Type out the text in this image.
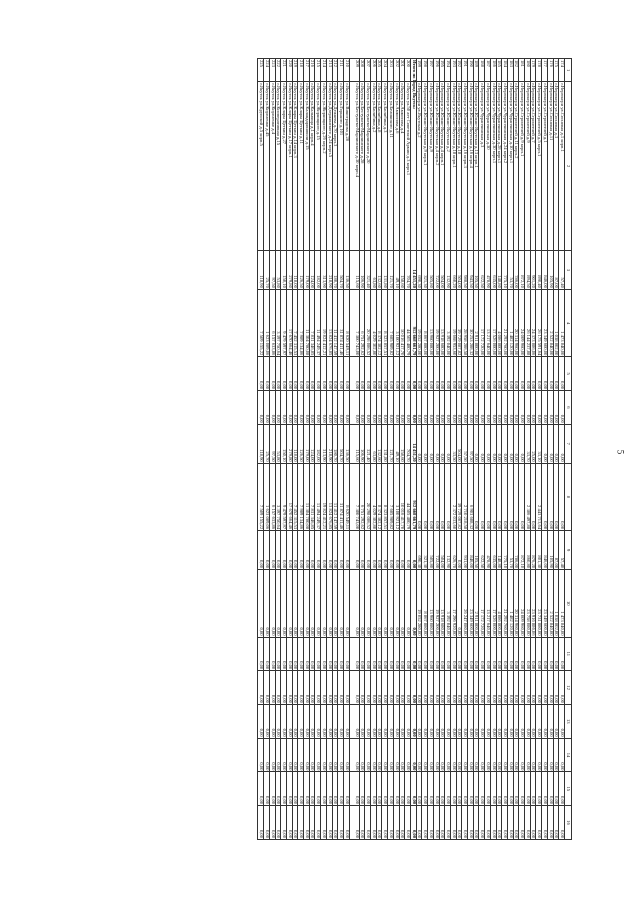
5
1	2	3	4	5	6	7	8	9	10	11	12	13	14	15	16
174	г.Нерюнгри ул.Сосновая д.1 корп.1	57,40	1 473 840,00	0,00	0,00	0,00	0,00	57,40	1 473 840,00	0,00	0,00	0,00	0,00	0,00	0,00
175	г.Нерюнгри ул.Сосновая д.3	87,00	1 038 802,00	0,00	0,00	0,00	0,00	87,00	1 038 802,00	0,00	0,00	0,00	0,00	0,00	0,00
176	г.Нерюнгри ул.Сосновая д.11	105,90	2 522 840,00	0,00	0,00	0,00	0,00	105,90	2 522 840,00	0,00	0,00	0,00	0,00	0,00	0,00
177	г.Нерюнгри ул.Строителей д.1	846,00	23 349 600,00	0,00	0,00	0,00	0,00	846,00	23 349 600,00	0,00	0,00	0,00	0,00	0,00	0,00
178	г.Нерюнгри ул.Строителей д.5 корп.1	890,40	26 175 591,64	0,00	0,00	33,10	2 443 713,64	801,30	23 731 880,00	0,00	0,00	0,00	0,00	0,00	0,00
179	г.Нерюнгри ул.Строителей д.7	901,20	24 373 886,06	0,00	0,00	25,00	0,00	876,20	23 916 886,06	0,00	0,00	0,00	0,00	0,00	0,00
180	г.Нерюнгри ул.Строителей д.9	894,50	26 144 237,88	0,00	0,00	33,70	2 386 497,88	860,80	23 758 080,00	0,00	0,00	0,00	0,00	0,00	0,00
181	г.Нерюнгри ул.Строителей д.9 корп.1	872,10	24 009 960,00	0,00	0,00	0,00	0,00	872,10	24 009 960,00	0,00	0,00	0,00	0,00	0,00	0,00
182	г.Нерюнгри ул.Строителей д.11 корп.2	786,00	20 314 960,00	0,00	0,00	0,00	0,00	786,00	20 314 960,00	0,00	0,00	0,00	0,00	0,00	0,00
183	г.Нерюнгри ул.Чурапчинская д.10 корп.1	53,70	1 482 120,00	0,00	0,00	0,00	0,00	53,70	1 482 120,00	0,00	0,00	0,00	0,00	0,00	0,00
184	г.Нерюнгри ул.Чурапчинская д.24 корп.2	775,10	21 292 760,00	0,00	0,00	0,00	0,00	775,10	21 292 760,00	0,00	0,00	0,00	0,00	0,00	0,00
185	г.Нерюнгри ул.Чурапчинская д.28 корп.1	148,80	4 086 800,00	0,00	0,00	0,00	0,00	148,80	4 086 800,00	0,00	0,00	0,00	0,00	0,00	0,00
186	г.Нерюнгри ул.Чурапчинская д.30 корп.1	635,00	17 526 000,00	0,00	0,00	0,00	0,00	635,00	17 526 000,00	0,00	0,00	0,00	0,00	0,00	0,00
187	г.Нерюнгри ул.Чурапчинская д.30	478,90	13 217 640,00	0,00	0,00	0,00	0,00	478,90	13 217 640,00	0,00	0,00	0,00	0,00	0,00	0,00
188	г.Нерюнгри ул.Чурапчинская д.3	622,50	17 172 720,00	0,00	0,00	0,00	0,00	622,50	17 172 720,00	0,00	0,00	0,00	0,00	0,00	0,00
189	г.Нерюнгри ул.Южно-Якутская д.13 корп.1	105,50	2 911 800,00	0,00	0,00	0,00	0,00	105,50	2 911 800,00	0,00	0,00	0,00	0,00	0,00	0,00
190	г.Нерюнгри ул.Южно-Якутская д.16 корп.4	943,50	30 253 288,32	0,00	0,00	97,50	6 903 688,32	846,00	23 349 600,00	0,00	0,00	0,00	0,00	0,00	0,00
191	г.Нерюнгри ул.Южно-Якутская д.16 корп.3	988,50	28 958 288,58	0,00	0,00	57,50	2 710 218,58	931,00	26 247 080,00	0,00	0,00	0,00	0,00	0,00	0,00
192	г.Нерюнгри ул.Южно-Якутская д.18	504,00	39 729 087,82	0,00	0,00	504,00	39 729 087,82	0,00	0,00	0,00	0,00	0,00	0,00	0,00	0,00
193	г.Нерюнгри ул.Южно-Якутская д.18 корп.1	660,20	19 668 953,60	0,00	0,00	33,50	2 372 033,60	626,70	17 296 920,00	0,00	0,00	0,00	0,00	0,00	0,00
194	г.Нерюнгри ул.Южно-Якутская д.2	132,90	3 392 040,00	0,00	0,00	0,00	0,00	132,90	3 392 040,00	0,00	0,00	0,00	0,00	0,00	0,00
195	г.Нерюнгри ул.Южно-Якутская д.4 корп.1	504,00	13 918 680,00	0,00	0,00	0,00	0,00	504,00	13 918 680,00	0,00	0,00	0,00	0,00	0,00	0,00
196	г.Нерюнгри ул.Южно-Якутская д.4 корп.2	722,00	19 927 200,00	0,00	0,00	0,00	0,00	722,00	19 927 200,00	0,00	0,00	0,00	0,00	0,00	0,00
197	г.Нерюнгри ул.Южно-Якутская д.9	505,80	13 960 080,00	0,00	0,00	0,00	0,00	505,80	13 960 080,00	0,00	0,00	0,00	0,00	0,00	0,00
198	г.Нерюнгри ул.Южно-Якутская д.9 корп.1	321,30	8 867 880,00	0,00	0,00	0,00	0,00	321,30	8 867 880,00	0,00	0,00	0,00	0,00	0,00	0,00
199	г.Нерюнгри ул.Якутская д.2	690,30	19 052 280,00	0,00	0,00	0,00	0,00	690,30	19 052 280,00	0,00	0,00	0,00	0,00	0,00	0,00
Итого по Город Якутск:		14 451,20	912 668 661,79	0,00	0,00	14 451,20	912 668 661,79	0,00	0,00	0,00	0,00	0,00	0,00	0,00	0,00
200	г.Якутск ул.50 лет Советской Армии д.3 корп.1	704,70	44 505 480,79	0,00	0,00	704,70	44 505 480,79	0,00	0,00	0,00	0,00	0,00	0,00	0,00	0,00
201	г.Якутск ул.Аммосова д.4	158,60	10 016 417,70	0,00	0,00	158,60	10 016 417,70	0,00	0,00	0,00	0,00	0,00	0,00	0,00	0,00
202	г.Якутск ул.Аммосова д.6	49,10	3 100 921,12	0,00	0,00	49,10	3 100 921,12	0,00	0,00	0,00	0,00	0,00	0,00	0,00	0,00
203	г.Якутск ул.Белинского д.11	121,70	7 685 989,82	0,00	0,00	121,70	7 685 989,82	0,00	0,00	0,00	0,00	0,00	0,00	0,00	0,00
204	г.Якутск ул.Билибина д.3	131,80	8 323 857,51	0,00	0,00	131,80	8 323 857,51	0,00	0,00	0,00	0,00	0,00	0,00	0,00	0,00
205	г.Якутск ул.Билибина д.8	132,60	8 374 382,12	0,00	0,00	132,60	8 374 382,12	0,00	0,00	0,00	0,00	0,00	0,00	0,00	0,00
206	г.Якутск ул.Билибина д.2	63,80	4 029 302,80	0,00	0,00	63,80	4 029 302,80	0,00	0,00	0,00	0,00	0,00	0,00	0,00	0,00
207	г.Якутск ул.Бестужева-Марлинского д.20	321,40	20 298 086,52	0,00	0,00	321,40	20 298 086,52	0,00	0,00	0,00	0,00	0,00	0,00	0,00	0,00
208	г.Якутск ул.Бестужева-Марлинского д.28	106,90	6 751 292,62	0,00	0,00	106,90	6 751 292,62	0,00	0,00	0,00	0,00	0,00	0,00	0,00	0,00
209	г.Якутск ул.Бестужева-Марлинского д.30 корп.4	115,60	7 300 743,00	0,00	0,00	115,60	7 300 743,00	0,00	0,00	0,00	0,00	0,00	0,00	0,00	0,00
210	г.Якутск ул.Виноградова д.28	136,50	8 620 549,11	0,00	0,00	136,50	8 620 549,11	0,00	0,00	0,00	0,00	0,00	0,00	0,00	0,00
211	г.Якутск ул.Горького д.101	504,70	31 874 411,46	0,00	0,00	504,70	31 874 411,46	0,00	0,00	0,00	0,00	0,00	0,00	0,00	0,00
212	г.Якутск ул.Дежнева д.70 корп.3	180,70	11 412 147,59	0,00	0,00	180,70	11 412 147,59	0,00	0,00	0,00	0,00	0,00	0,00	0,00	0,00
213	г.Якутск ул.Дзержинского д.24 корп.5	218,90	13 824 676,85	0,00	0,00	218,90	13 824 676,85	0,00	0,00	0,00	0,00	0,00	0,00	0,00	0,00
214	г.Якутск ул.Жорницкого д.26 корп.2	313,90	19 824 412,21	0,00	0,00	313,90	19 824 412,21	0,00	0,00	0,00	0,00	0,00	0,00	0,00	0,00
215	г.Якутск ул.Жорницкого д.15	182,00	11 494 249,37	0,00	0,00	182,00	11 494 249,37	0,00	0,00	0,00	0,00	0,00	0,00	0,00	0,00
216	г.Якутск ул.Кальвица д.1 корп.4	124,00	7 831 346,85	0,00	0,00	124,00	7 831 346,85	0,00	0,00	0,00	0,00	0,00	0,00	0,00	0,00
217	г.Якутск ул.Каландаришвили д.15	179,00	11 304 780,08	0,00	0,00	179,00	11 304 780,08	0,00	0,00	0,00	0,00	0,00	0,00	0,00	0,00
218	г.Якутск ул.Клары Цеткин д.11	126,50	7 989 134,86	0,00	0,00	126,50	7 989 134,86	0,00	0,00	0,00	0,00	0,00	0,00	0,00	0,00
219	г.Якутск ул.Клары Цеткин д.14 корп.3	118,00	7 452 315,53	0,00	0,00	118,00	7 452 315,53	0,00	0,00	0,00	0,00	0,00	0,00	0,00	0,00
220	г.Якутск ул.Клары Цеткин д.17 корп.1	279,80	17 670 664,46	0,00	0,00	279,80	17 670 664,46	0,00	0,00	0,00	0,00	0,00	0,00	0,00	0,00
221	г.Якутск ул.Клары Цеткин д.27	150,10	9 479 597,97	0,00	0,00	150,10	9 479 597,97	0,00	0,00	0,00	0,00	0,00	0,00	0,00	0,00
222	г.Якутск ул.Кооперативная д.15	53,80	3 397 750,64	0,00	0,00	53,80	3 397 750,64	0,00	0,00	0,00	0,00	0,00	0,00	0,00	0,00
223	г.Якутск ул.Короленко д.4	97,50	6 157 633,86	0,00	0,00	97,50	6 157 633,86	0,00	0,00	0,00	0,00	0,00	0,00	0,00	0,00
224	г.Якутск ул.Короленко д.45	25,70	1 623 089,06	0,00	0,00	25,70	1 623 089,06	0,00	0,00	0,00	0,00	0,00	0,00	0,00	0,00
225	г.Якутск ул.Крупской д.5 корп.5	118,90	7 509 155,22	0,00	0,00	118,90	7 509 155,22	0,00	0,00	0,00	0,00	0,00	0,00	0,00	0,00
